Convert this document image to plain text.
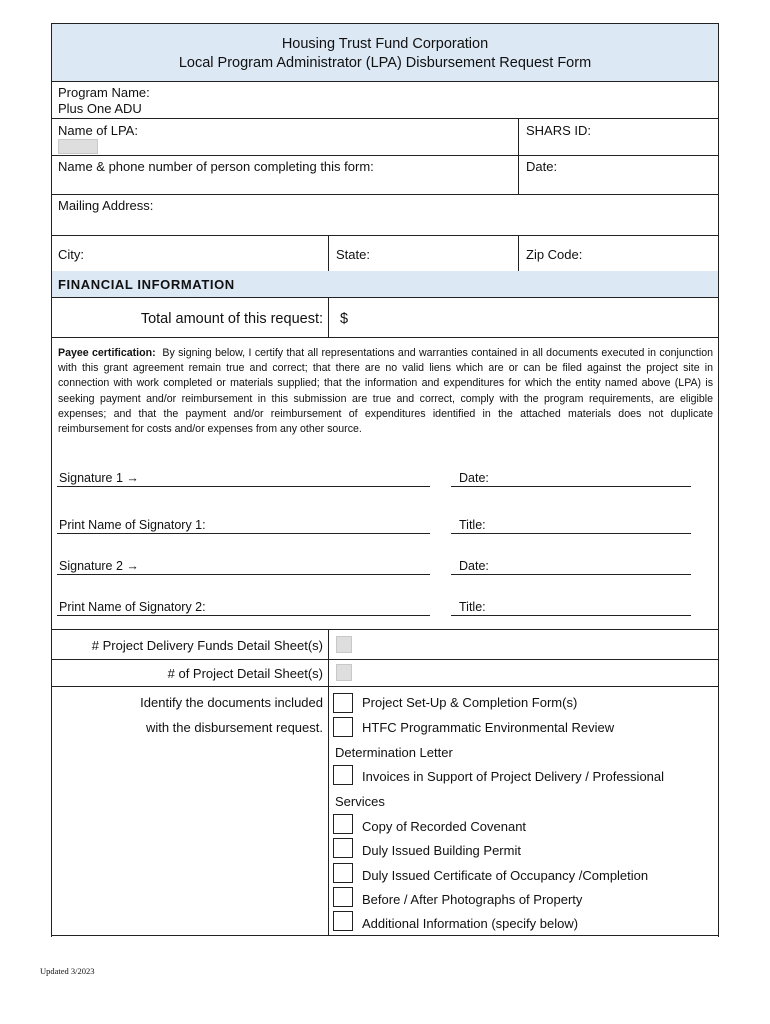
Housing Trust Fund Corporation
Local Program Administrator (LPA) Disbursement Request Form
Program Name:
Plus One ADU
Name of LPA:	SHARS ID:
Name & phone number of person completing this form:	Date:
Mailing Address:
City:	State:	Zip Code:
FINANCIAL INFORMATION
Total amount of this request: $
Payee certification: By signing below, I certify that all representations and warranties contained in all documents executed in conjunction with this grant agreement remain true and correct; that there are no valid liens which are or can be filed against the project site in connection with work completed or materials supplied; that the information and expenditures for which the entity named above (LPA) is seeking payment and/or reimbursement in this submission are true and correct, comply with the program requirements, are eligible expenses; and that the payment and/or reimbursement of expenditures identified in the attached materials does not duplicate reimbursement for costs and/or expenses from any other source.
Signature 1 →	Date:
Print Name of Signatory 1:	Title:
Signature 2 →	Date:
Print Name of Signatory 2:	Title:
# Project Delivery Funds Detail Sheet(s)
# of Project Detail Sheet(s)
Identify the documents included
with the disbursement request.
Project Set-Up & Completion Form(s)
HTFC Programmatic Environmental Review
Determination Letter
Invoices in Support of Project Delivery / Professional
Services
Copy of Recorded Covenant
Duly Issued Building Permit
Duly Issued Certificate of Occupancy /Completion
Before / After Photographs of Property
Additional Information (specify below)
Updated 3/2023
